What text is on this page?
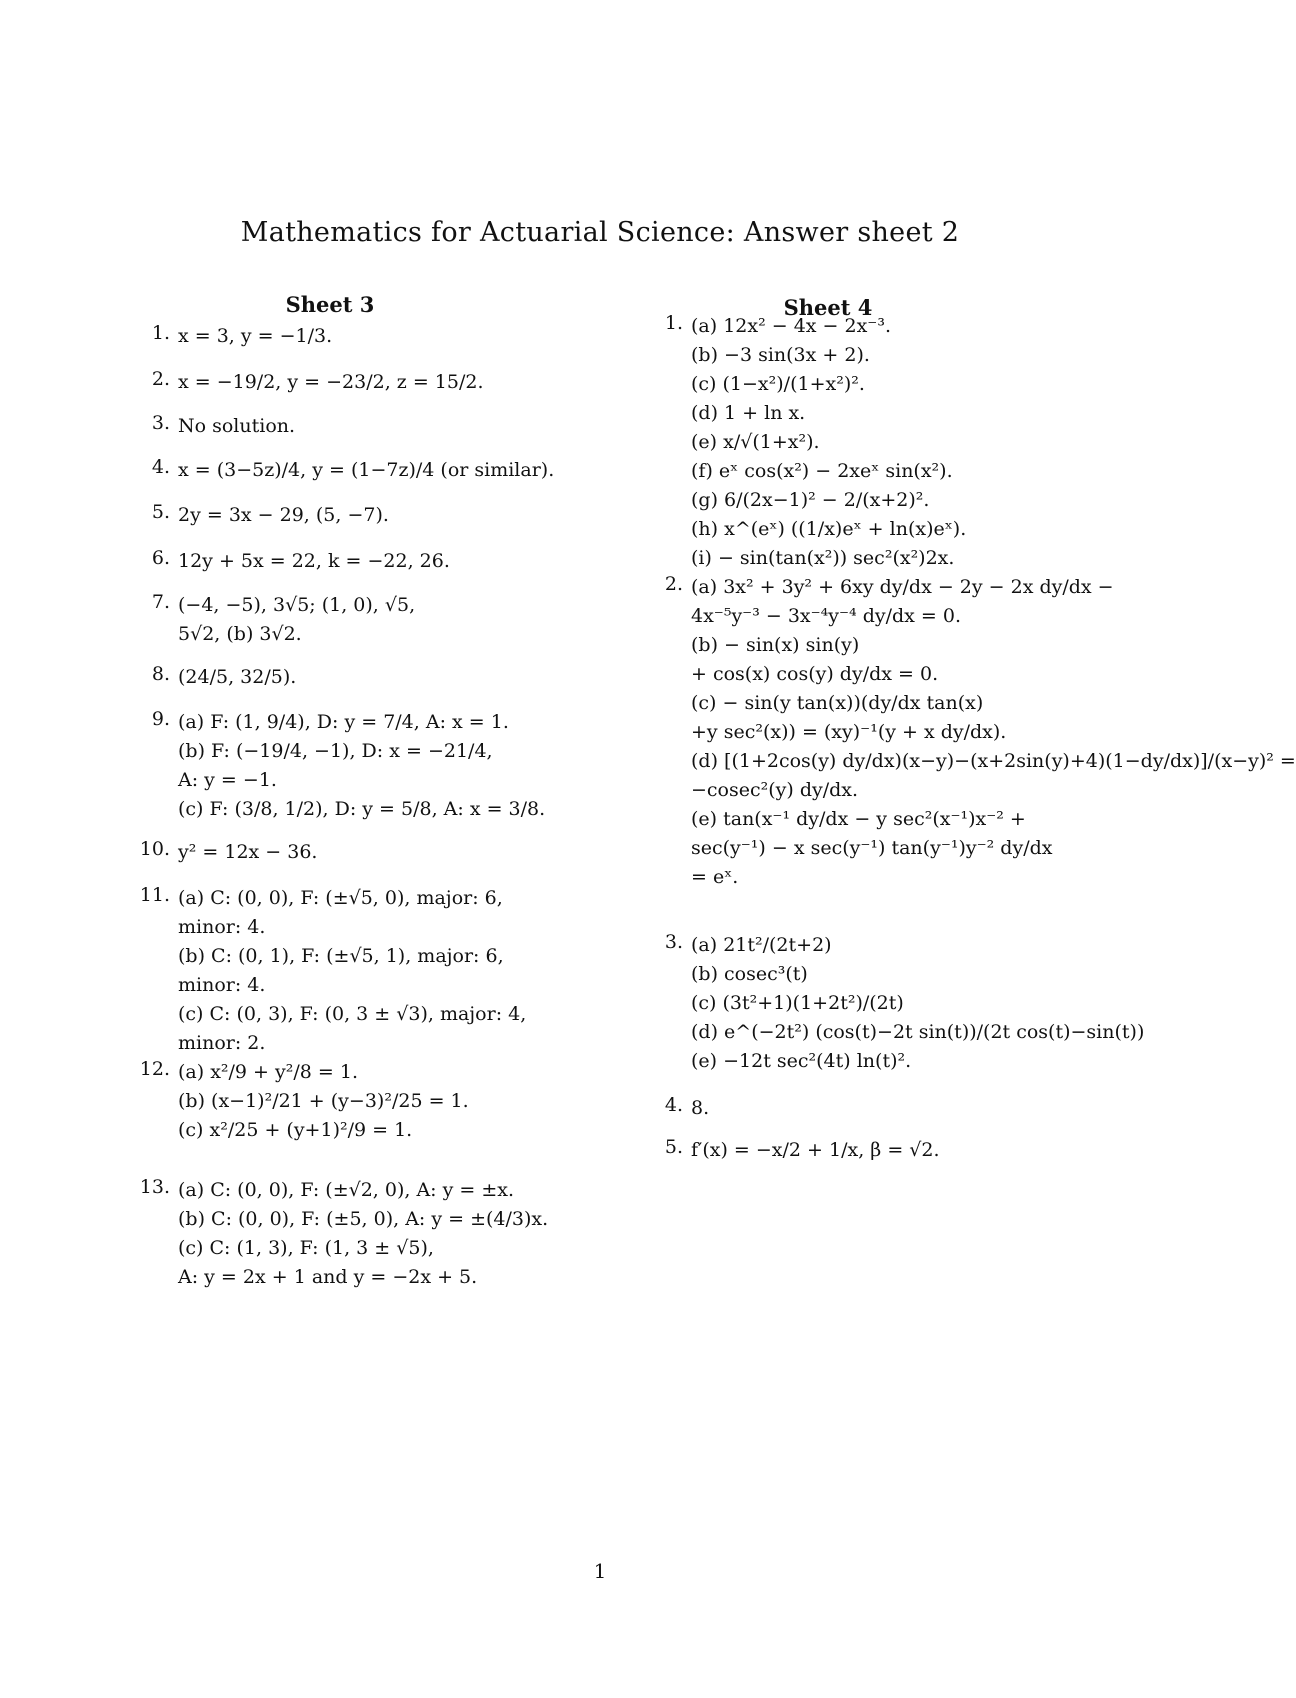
Mathematics for Actuarial Science: Answer sheet 2
Sheet 3
1. x = 3, y = −1/3.
2. x = −19/2, y = −23/2, z = 15/2.
3. No solution.
4. x = (3−5z)/4, y = (1−7z)/4 (or similar).
5. 2y = 3x − 29, (5, −7).
6. 12y + 5x = 22, k = −22, 26.
7. (−4, −5), 3√5; (1, 0), √5,
5√2, (b) 3√2.
8. (24/5, 32/5).
9. (a) F: (1, 9/4), D: y = 7/4, A: x = 1.
(b) F: (−19/4, −1), D: x = −21/4,
A: y = −1.
(c) F: (3/8, 1/2), D: y = 5/8, A: x = 3/8.
10. y² = 12x − 36.
11. (a) C: (0, 0), F: (±√5, 0), major: 6,
minor: 4.
(b) C: (0, 1), F: (±√5, 1), major: 6,
minor: 4.
(c) C: (0, 3), F: (0, 3 ± √3), major: 4,
minor: 2.
12. (a) x²/9 + y²/8 = 1.
(b) (x−1)²/21 + (y−3)²/25 = 1.
(c) x²/25 + (y+1)²/9 = 1.
13. (a) C: (0, 0), F: (±√2, 0), A: y = ±x.
(b) C: (0, 0), F: (±5, 0), A: y = ±(4/3)x.
(c) C: (1, 3), F: (1, 3 ± √5),
A: y = 2x + 1 and y = −2x + 5.
Sheet 4
1. (a) 12x² − 4x − 2x⁻³.
(b) −3 sin(3x + 2).
(c) (1−x²)/(1+x²)².
(d) 1 + ln x.
(e) x/√(1+x²).
(f) eˣ cos(x²) − 2xeˣ sin(x²).
(g) 6/(2x−1)² − 2/(x+2)².
(h) x^(eˣ) ((1/x)eˣ + ln(x)eˣ).
(i) − sin(tan(x²)) sec²(x²)2x.
2. (a) 3x² + 3y² + 6xy dy/dx − 2y − 2x dy/dx −
4x⁻⁵y⁻³ − 3x⁻⁴y⁻⁴ dy/dx = 0.
(b) − sin(x) sin(y)
+ cos(x) cos(y) dy/dx = 0.
(c) − sin(y tan(x))(dy/dx tan(x)
+y sec²(x)) = (xy)⁻¹(y + x dy/dx).
(d) [(1+2cos(y) dy/dx)(x−y)−(x+2sin(y)+4)(1−dy/dx)]/(x−y)² =
−cosec²(y) dy/dx.
(e) tan(x⁻¹ dy/dx − y sec²(x⁻¹)x⁻² +
sec(y⁻¹) − x sec(y⁻¹) tan(y⁻¹)y⁻² dy/dx
= eˣ.
3. (a) 21t²/(2t+2)
(b) cosec³(t)
(c) (3t²+1)(1+2t²)/(2t)
(d) e^(−2t²) (cos(t)−2t sin(t))/(2t cos(t)−sin(t))
(e) −12t sec²(4t) ln(t)².
4. 8.
5. f′(x) = −x/2 + 1/x, β = √2.
1
